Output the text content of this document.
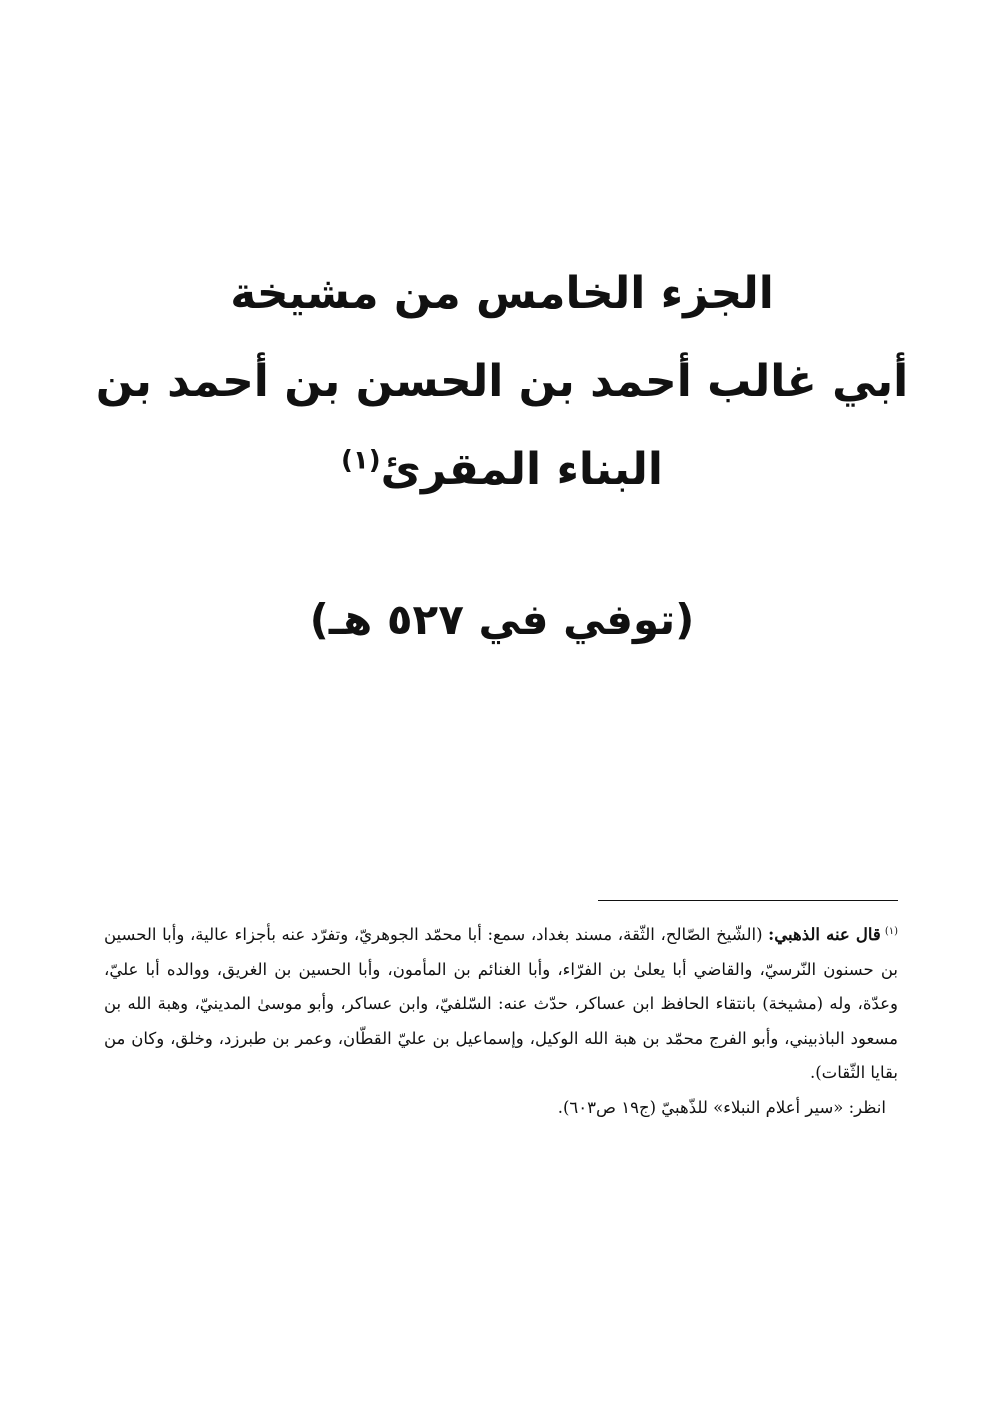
الجزء الخامس من مشيخة

أبي غالب أحمد بن الحسن بن أحمد بن

البناء المقرئ$^{(١)}$

(توفي في ٥٢٧ هـ)

$^{(١)}$قال عنه الذهبي: (الشّيخ الصّالح، الثّقة، مسند بغداد، سمع: أبا محمّد الجوهريّ، وتفرّد عنه بأجزاء عالية، وأبا الحسين بن حسنون النّرسيّ، والقاضي أبا يعلىٰ بن الفرّاء، وأبا الغنائم بن المأمون، وأبا الحسين بن الغريق، ووالده أبا عليّ، وعدّة، وله (مشيخة) بانتقاء الحافظ ابن عساكر، حدّث عنه: السّلفيّ، وابن عساكر، وأبو موسىٰ المدينيّ، وهبة الله بن مسعود الباذبيني، وأبو الفرج محمّد بن هبة الله الوكيل، وإسماعيل بن عليّ القطّان، وعمر بن طبرزد، وخلق، وكان من بقايا الثّقات).

انظر: «سير أعلام النبلاء» للذّهبيّ (ج١٩ ص٦٠٣).
